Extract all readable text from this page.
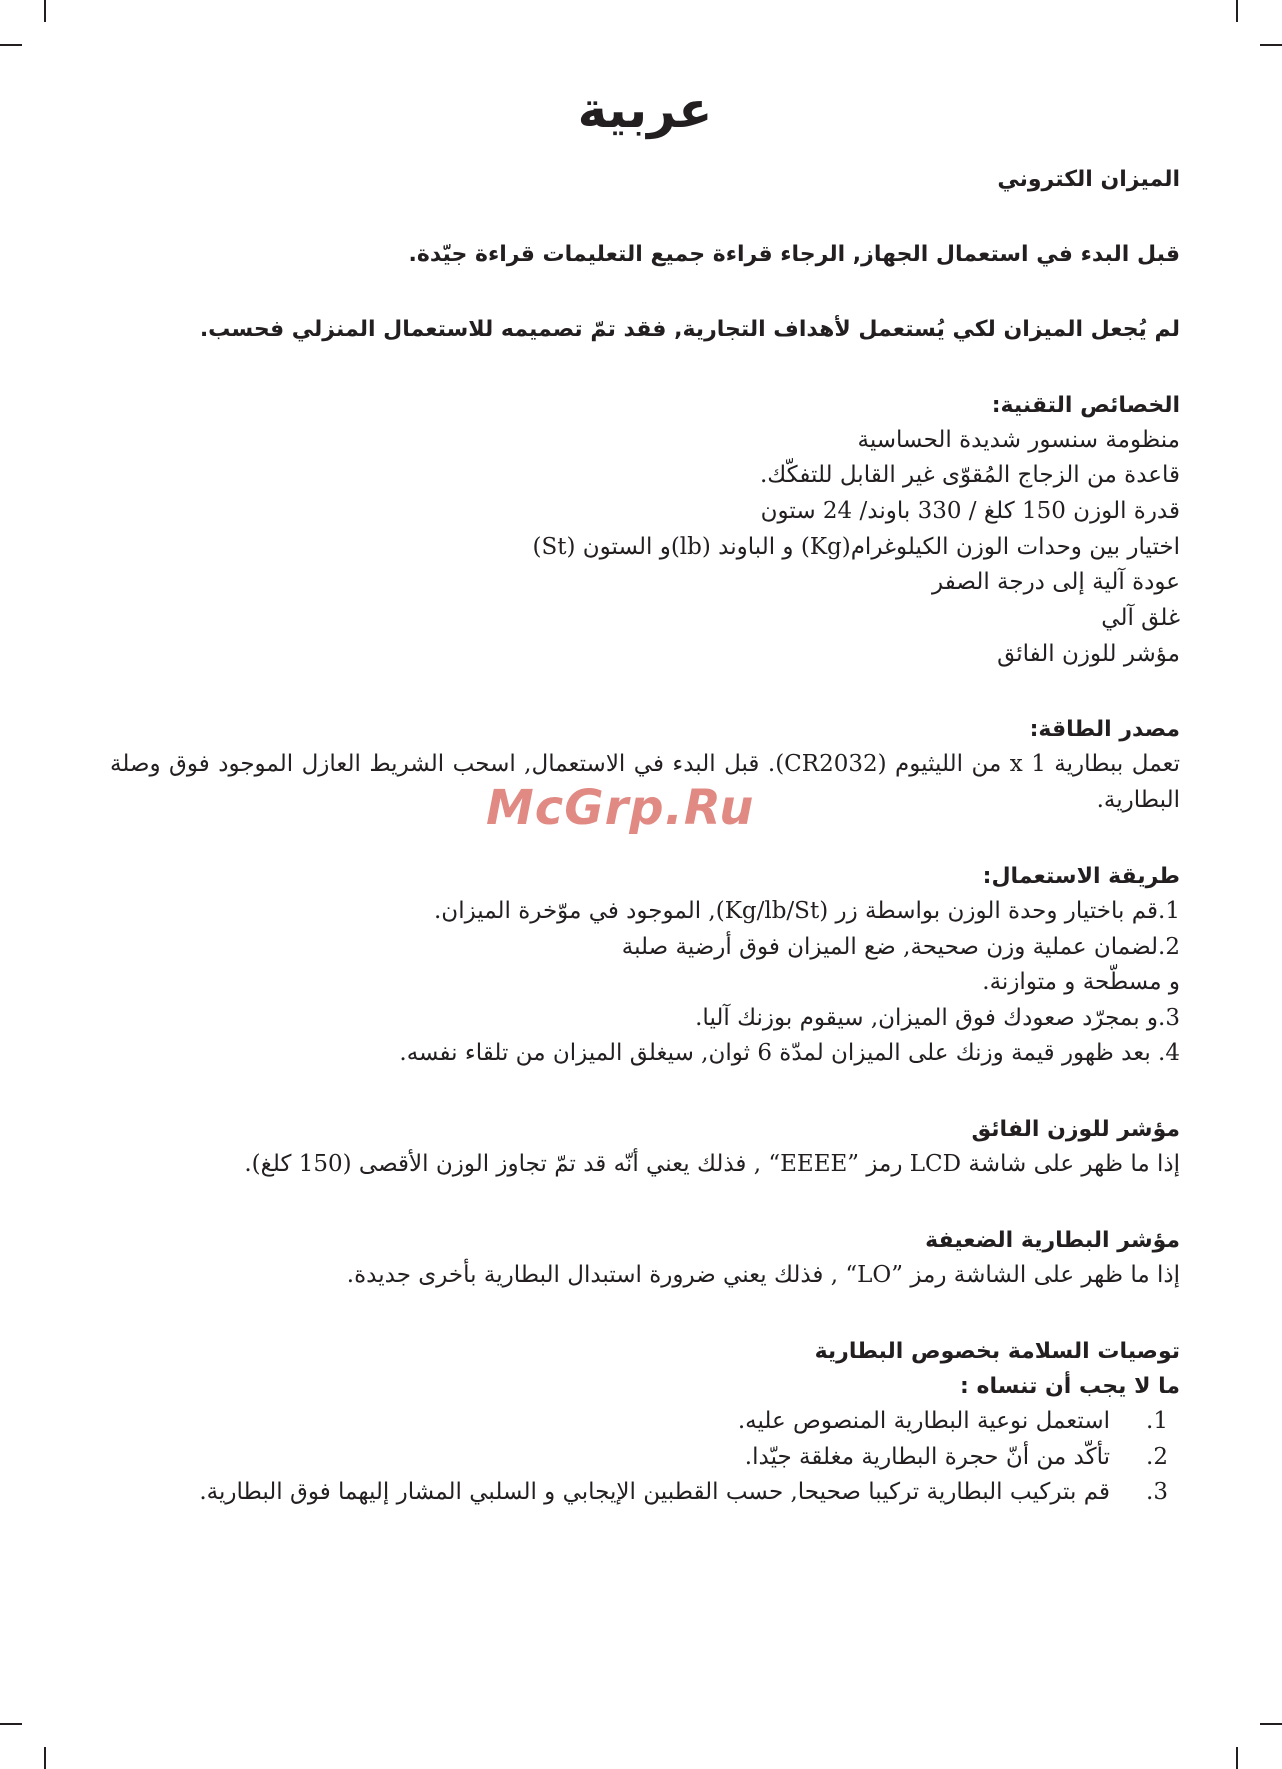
عربية

الميزان الكتروني

قبل البدء في استعمال الجهاز, الرجاء قراءة جميع التعليمات قراءة جيّدة.

لم يُجعل الميزان لكي يُستعمل لأهداف التجارية, فقد تمّ تصميمه للاستعمال المنزلي فحسب.

الخصائص التقنية:

منظومة سنسور شديدة الحساسية

قاعدة من الزجاج المُقوّى غير القابل للتفكّك.

قدرة الوزن 150 كلغ / 330 باوند/ 24 ستون

اختيار بين وحدات الوزن الكيلوغرام(Kg) و الباوند (lb)و الستون (St)

عودة آلية إلى درجة الصفر

غلق آلي

مؤشر للوزن الفائق

مصدر الطاقة:

تعمل ببطارية 1 x من الليثيوم (CR2032). قبل البدء في الاستعمال, اسحب الشريط العازل الموجود فوق وصلة البطارية.

طريقة الاستعمال:

1.قم باختيار وحدة الوزن بواسطة زر (Kg/lb/St), الموجود في موّخرة الميزان.

2.لضمان عملية وزن صحيحة, ضع الميزان فوق أرضية صلبة

و مسطّحة و متوازنة.

3.و بمجرّد صعودك فوق الميزان, سيقوم بوزنك آليا.

4. بعد ظهور قيمة وزنك على الميزان لمدّة 6 ثوان, سيغلق الميزان من تلقاء نفسه.

مؤشر للوزن الفائق

إذا ما ظهر على شاشة LCD رمز ”EEEE“ , فذلك يعني أنّه قد تمّ تجاوز الوزن الأقصى (150 كلغ).

مؤشر البطارية الضعيفة

إذا ما ظهر على الشاشة رمز ”LO“ , فذلك يعني ضرورة استبدال البطارية بأخرى جديدة.

توصيات السلامة بخصوص البطارية

ما لا يجب أن تنساه :

1.
استعمل نوعية البطارية المنصوص عليه.
2.
تأكّد من أنّ حجرة البطارية مغلقة جيّدا.
3.
قم بتركيب البطارية تركيبا صحيحا, حسب القطبين الإيجابي و السلبي المشار إليهما فوق البطارية.
McGrp.Ru
